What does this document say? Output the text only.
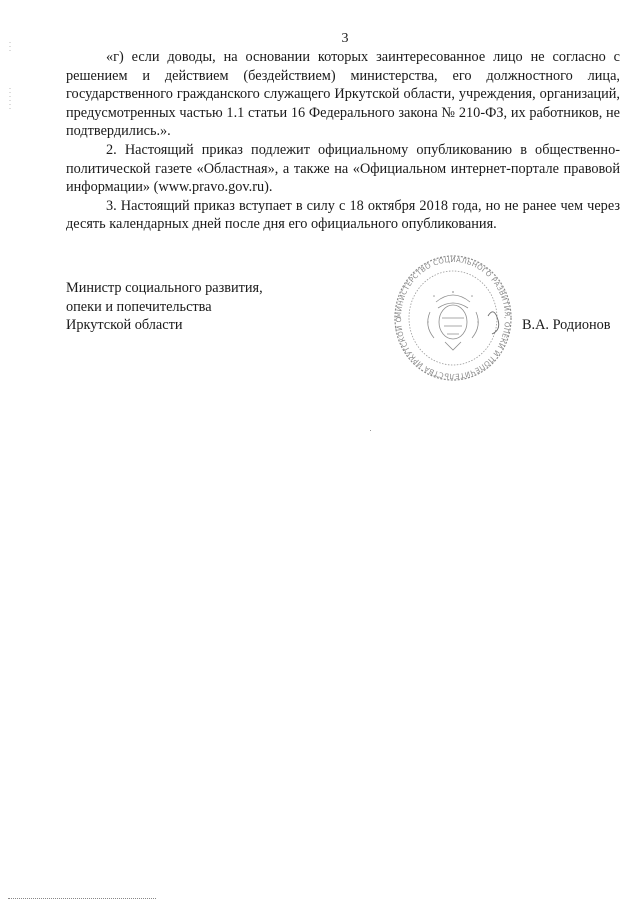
3

«г) если доводы, на основании которых заинтересованное лицо не согласно с решением и действием (бездействием) министерства, его должностного лица, государственного гражданского служащего Иркутской области, учреждения, организаций, предусмотренных частью 1.1 статьи 16 Федерального закона № 210-ФЗ, их работников, не подтвердились.».

2. Настоящий приказ подлежит официальному опубликованию в общественно-политической газете «Областная», а также на «Официальном интернет-портале правовой информации» (www.pravo.gov.ru).

3. Настоящий приказ вступает в силу с 18 октября 2018 года, но не ранее чем через десять календарных дней после дня его официального опубликования.

Министр социального развития,
опеки и попечительства
Иркутской области
МИНИСТЕРСТВО СОЦИАЛЬНОГО РАЗВИТИЯ, ОПЕКИ И ПОПЕЧИТЕЛЬСТВА ИРКУТСКОЙ О	В.А. Родионов
